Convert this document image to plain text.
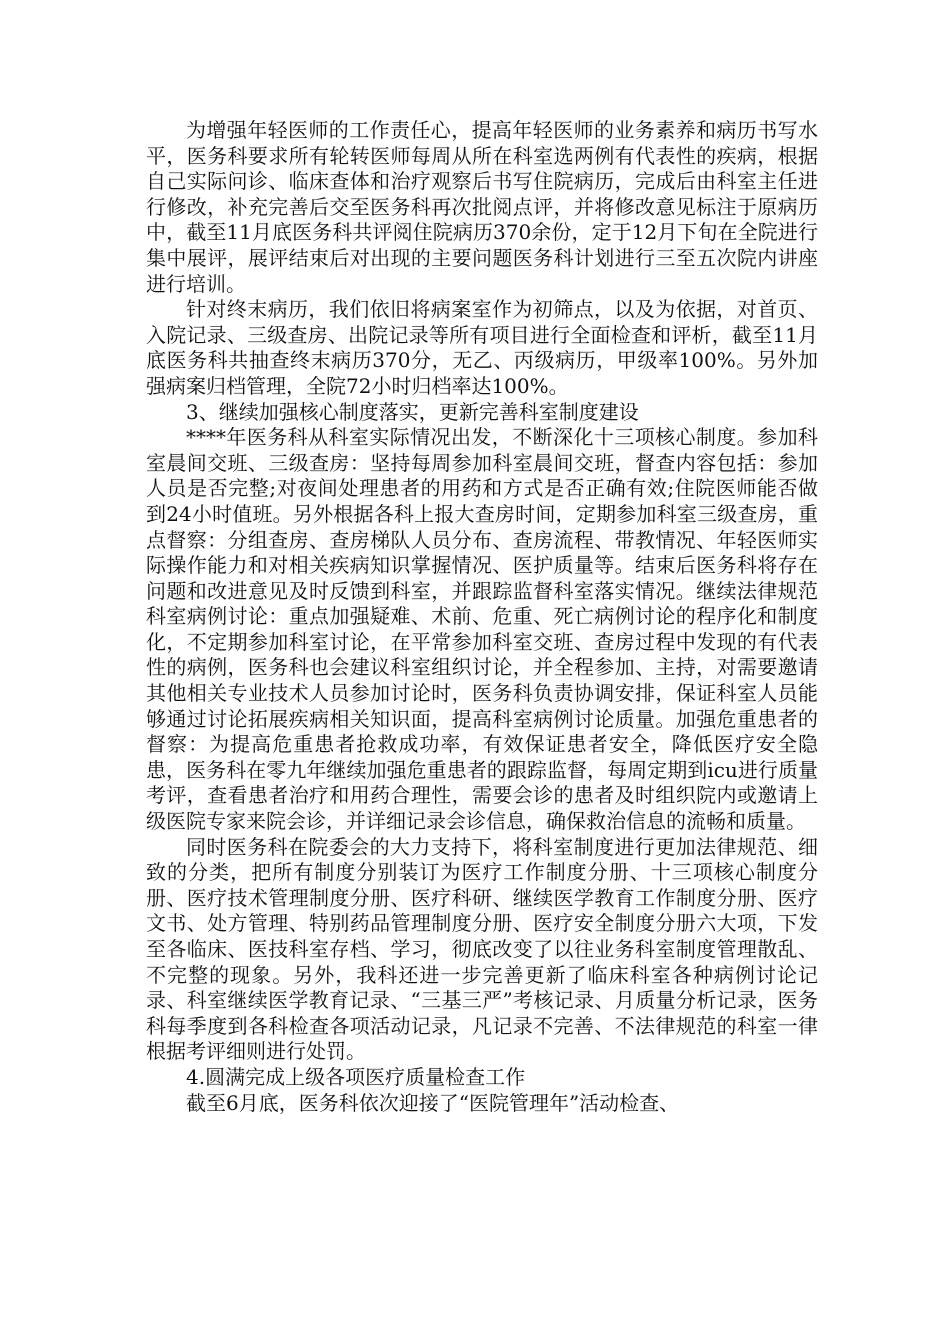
为增强年轻医师的工作责任心，提高年轻医师的业务素养和病历书写水平，医务科要求所有轮转医师每周从所在科室选两例有代表性的疾病，根据自己实际问诊、临床查体和治疗观察后书写住院病历，完成后由科室主任进行修改，补充完善后交至医务科再次批阅点评，并将修改意见标注于原病历中，截至11月底医务科共评阅住院病历370余份，定于12月下旬在全院进行集中展评，展评结束后对出现的主要问题医务科计划进行三至五次院内讲座进行培训。

针对终末病历，我们依旧将病案室作为初筛点，以及为依据，对首页、入院记录、三级查房、出院记录等所有项目进行全面检查和评析，截至11月底医务科共抽查终末病历370分，无乙、丙级病历，甲级率100%。另外加强病案归档管理，全院72小时归档率达100%。

3、继续加强核心制度落实，更新完善科室制度建设

****年医务科从科室实际情况出发，不断深化十三项核心制度。参加科室晨间交班、三级查房：坚持每周参加科室晨间交班，督查内容包括：参加人员是否完整;对夜间处理患者的用药和方式是否正确有效;住院医师能否做到24小时值班。另外根据各科上报大查房时间，定期参加科室三级查房，重点督察：分组查房、查房梯队人员分布、查房流程、带教情况、年轻医师实际操作能力和对相关疾病知识掌握情况、医护质量等。结束后医务科将存在问题和改进意见及时反馈到科室，并跟踪监督科室落实情况。继续法律规范科室病例讨论：重点加强疑难、术前、危重、死亡病例讨论的程序化和制度化，不定期参加科室讨论，在平常参加科室交班、查房过程中发现的有代表性的病例，医务科也会建议科室组织讨论，并全程参加、主持，对需要邀请其他相关专业技术人员参加讨论时，医务科负责协调安排，保证科室人员能够通过讨论拓展疾病相关知识面，提高科室病例讨论质量。加强危重患者的督察：为提高危重患者抢救成功率，有效保证患者安全，降低医疗安全隐患，医务科在零九年继续加强危重患者的跟踪监督，每周定期到icu进行质量考评，查看患者治疗和用药合理性，需要会诊的患者及时组织院内或邀请上级医院专家来院会诊，并详细记录会诊信息，确保救治信息的流畅和质量。

同时医务科在院委会的大力支持下，将科室制度进行更加法律规范、细致的分类，把所有制度分别装订为医疗工作制度分册、十三项核心制度分册、医疗技术管理制度分册、医疗科研、继续医学教育工作制度分册、医疗文书、处方管理、特别药品管理制度分册、医疗安全制度分册六大项，下发至各临床、医技科室存档、学习，彻底改变了以往业务科室制度管理散乱、不完整的现象。另外，我科还进一步完善更新了临床科室各种病例讨论记录、科室继续医学教育记录、“三基三严”考核记录、月质量分析记录，医务科每季度到各科检查各项活动记录，凡记录不完善、不法律规范的科室一律根据考评细则进行处罚。

4.圆满完成上级各项医疗质量检查工作

截至6月底，医务科依次迎接了“医院管理年”活动检查、
